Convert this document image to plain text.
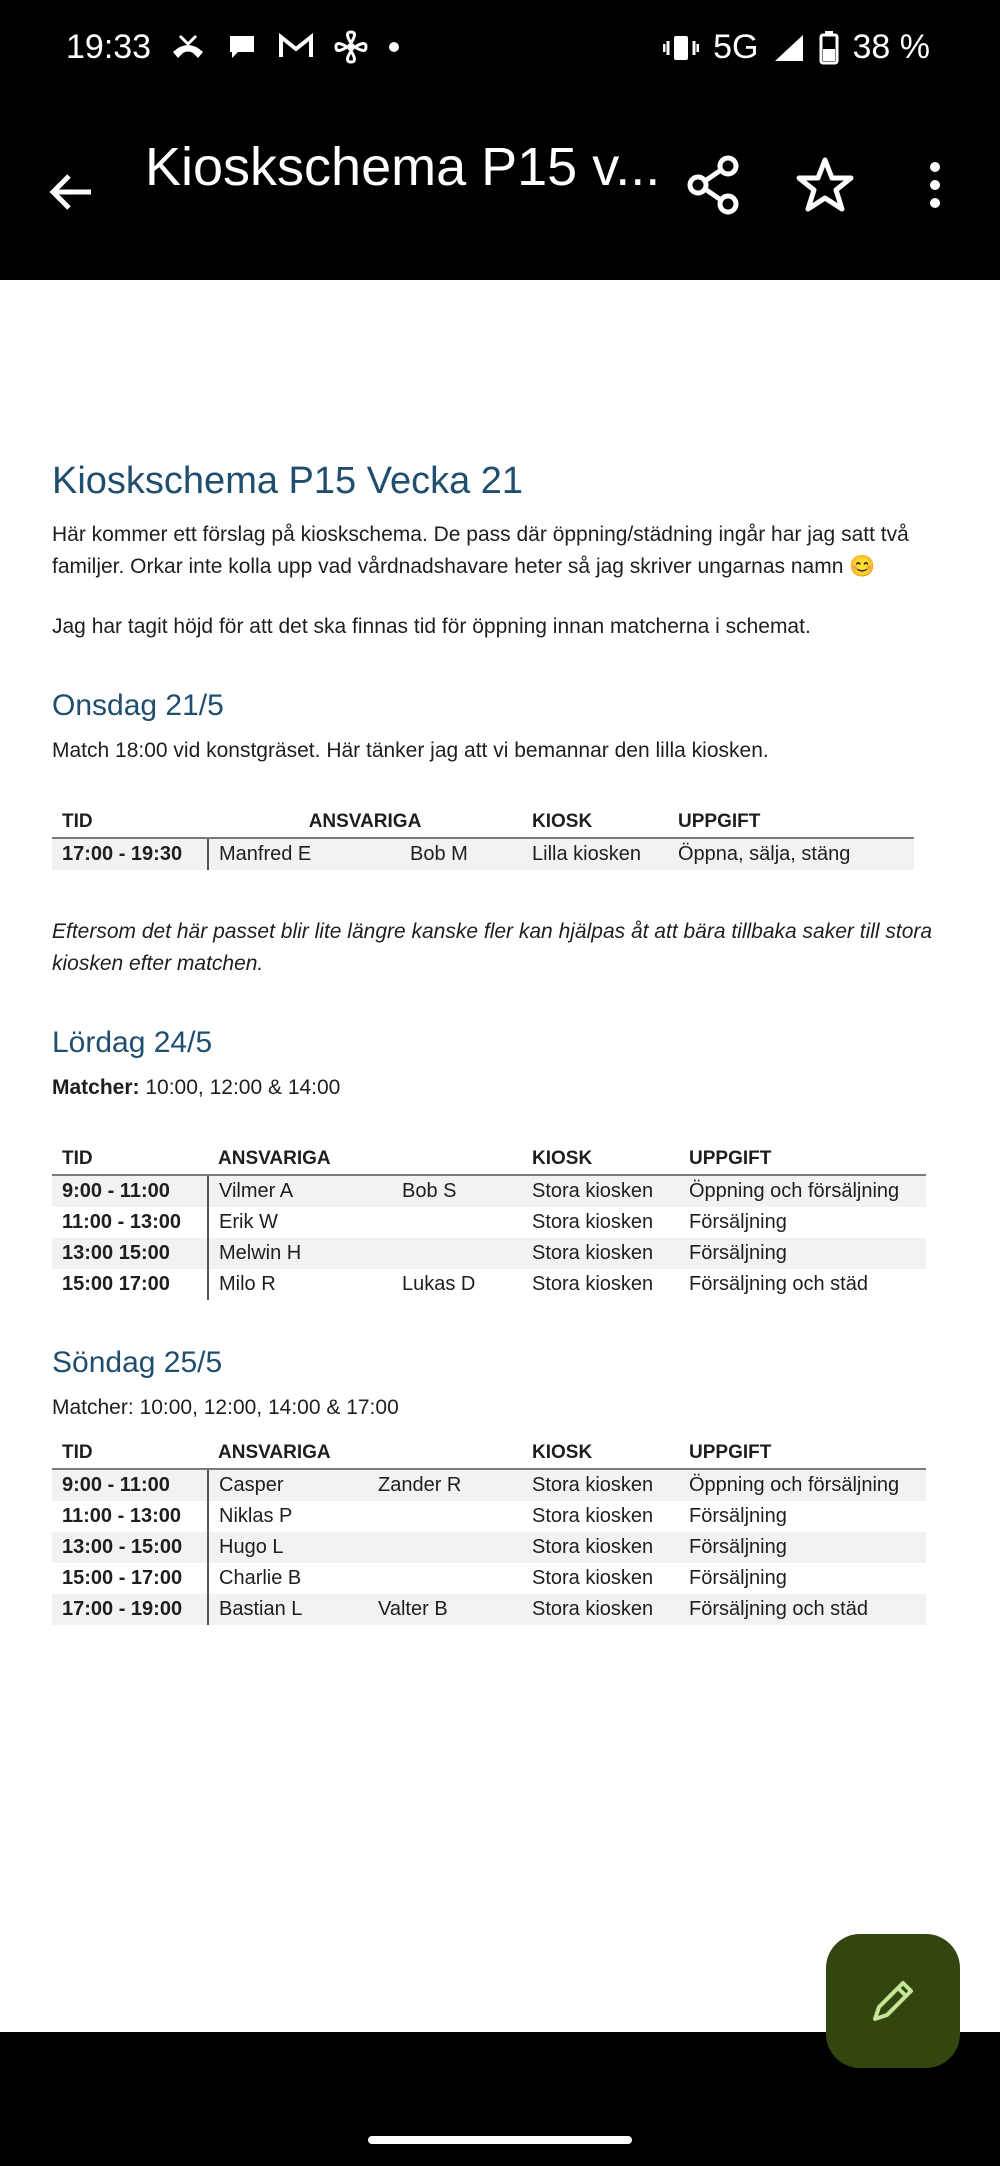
19:33	5G	38 %
Kioskschema P15 v...
Kioskschema P15 Vecka 21

Här kommer ett förslag på kioskschema. De pass där öppning/städning ingår har jag satt två familjer. Orkar inte kolla upp vad vårdnadshavare heter så jag skriver ungarnas namn 😊

Jag har tagit höjd för att det ska finnas tid för öppning innan matcherna i schemat.

Onsdag 21/5

Match 18:00 vid konstgräset. Här tänker jag att vi bemannar den lilla kiosken.

TID	ANSVARIGA		KIOSK	UPPGIFT
17:00 - 19:30	Manfred E	Bob M	Lilla kiosken	Öppna, sälja, stäng

Eftersom det här passet blir lite längre kanske fler kan hjälpas åt att bära tillbaka saker till stora kiosken efter matchen.

Lördag 24/5

Matcher: 10:00, 12:00 & 14:00

TID	ANSVARIGA		KIOSK	UPPGIFT
9:00 - 11:00	Vilmer A	Bob S	Stora kiosken	Öppning och försäljning
11:00 - 13:00	Erik W		Stora kiosken	Försäljning
13:00 15:00	Melwin H		Stora kiosken	Försäljning
15:00 17:00	Milo R	Lukas D	Stora kiosken	Försäljning och städ
Söndag 25/5

Matcher: 10:00, 12:00, 14:00 & 17:00

TID	ANSVARIGA		KIOSK	UPPGIFT
9:00 - 11:00	Casper	Zander R	Stora kiosken	Öppning och försäljning
11:00 - 13:00	Niklas P		Stora kiosken	Försäljning
13:00 - 15:00	Hugo L		Stora kiosken	Försäljning
15:00 - 17:00	Charlie B		Stora kiosken	Försäljning
17:00 - 19:00	Bastian L	Valter B	Stora kiosken	Försäljning och städ
